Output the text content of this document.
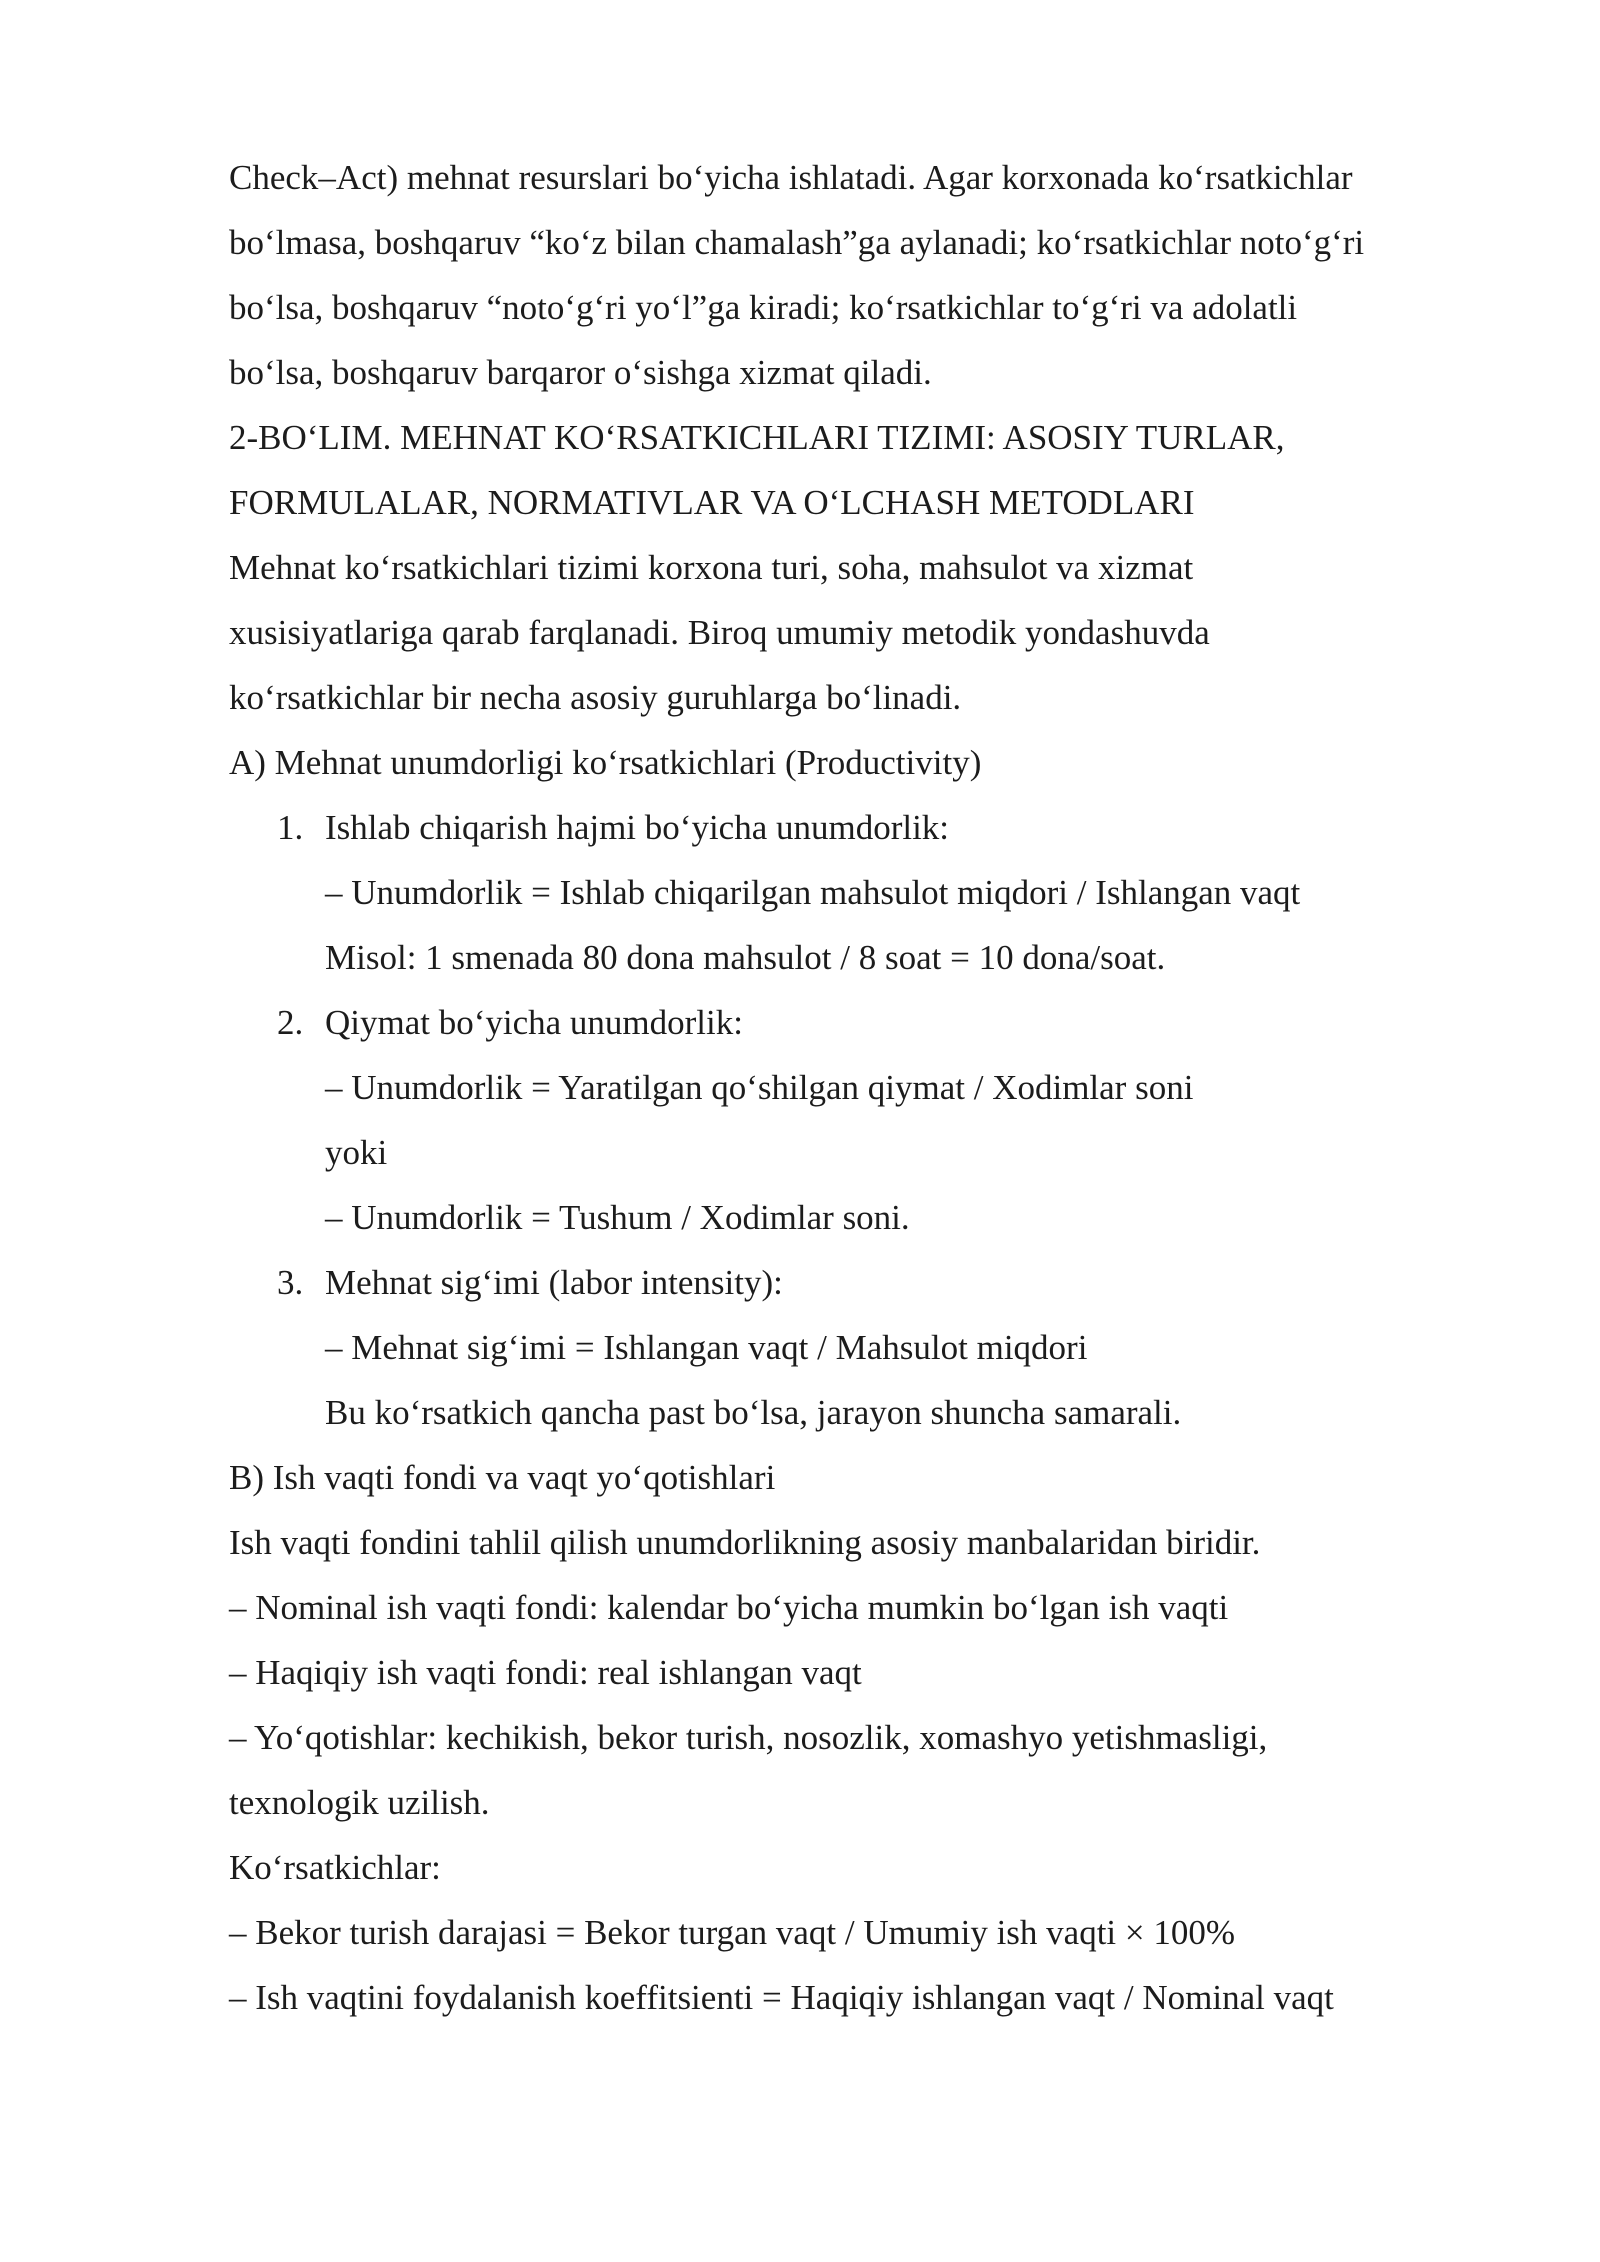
Check–Act) mehnat resurslari bo‘yicha ishlatadi. Agar korxonada ko‘rsatkichlar
bo‘lmasa, boshqaruv “ko‘z bilan chamalash”ga aylanadi; ko‘rsatkichlar noto‘g‘ri
bo‘lsa, boshqaruv “noto‘g‘ri yo‘l”ga kiradi; ko‘rsatkichlar to‘g‘ri va adolatli
bo‘lsa, boshqaruv barqaror o‘sishga xizmat qiladi.
2-BO‘LIM. MEHNAT KO‘RSATKICHLARI TIZIMI: ASOSIY TURLAR,
FORMULALAR, NORMATIVLAR VA O‘LCHASH METODLARI
Mehnat ko‘rsatkichlari tizimi korxona turi, soha, mahsulot va xizmat
xusisiyatlariga qarab farqlanadi. Biroq umumiy metodik yondashuvda
ko‘rsatkichlar bir necha asosiy guruhlarga bo‘linadi.
A) Mehnat unumdorligi ko‘rsatkichlari (Productivity)
1. Ishlab chiqarish hajmi bo‘yicha unumdorlik:
– Unumdorlik = Ishlab chiqarilgan mahsulot miqdori / Ishlangan vaqt
Misol: 1 smenada 80 dona mahsulot / 8 soat = 10 dona/soat.
2. Qiymat bo‘yicha unumdorlik:
– Unumdorlik = Yaratilgan qo‘shilgan qiymat / Xodimlar soni
yoki
– Unumdorlik = Tushum / Xodimlar soni.
3. Mehnat sig‘imi (labor intensity):
– Mehnat sig‘imi = Ishlangan vaqt / Mahsulot miqdori
Bu ko‘rsatkich qancha past bo‘lsa, jarayon shuncha samarali.
B) Ish vaqti fondi va vaqt yo‘qotishlari
Ish vaqti fondini tahlil qilish unumdorlikning asosiy manbalaridan biridir.
– Nominal ish vaqti fondi: kalendar bo‘yicha mumkin bo‘lgan ish vaqti
– Haqiqiy ish vaqti fondi: real ishlangan vaqt
– Yo‘qotishlar: kechikish, bekor turish, nosozlik, xomashyo yetishmasligi,
texnologik uzilish.
Ko‘rsatkichlar:
– Bekor turish darajasi = Bekor turgan vaqt / Umumiy ish vaqti × 100%
– Ish vaqtini foydalanish koeffitsienti = Haqiqiy ishlangan vaqt / Nominal vaqt
